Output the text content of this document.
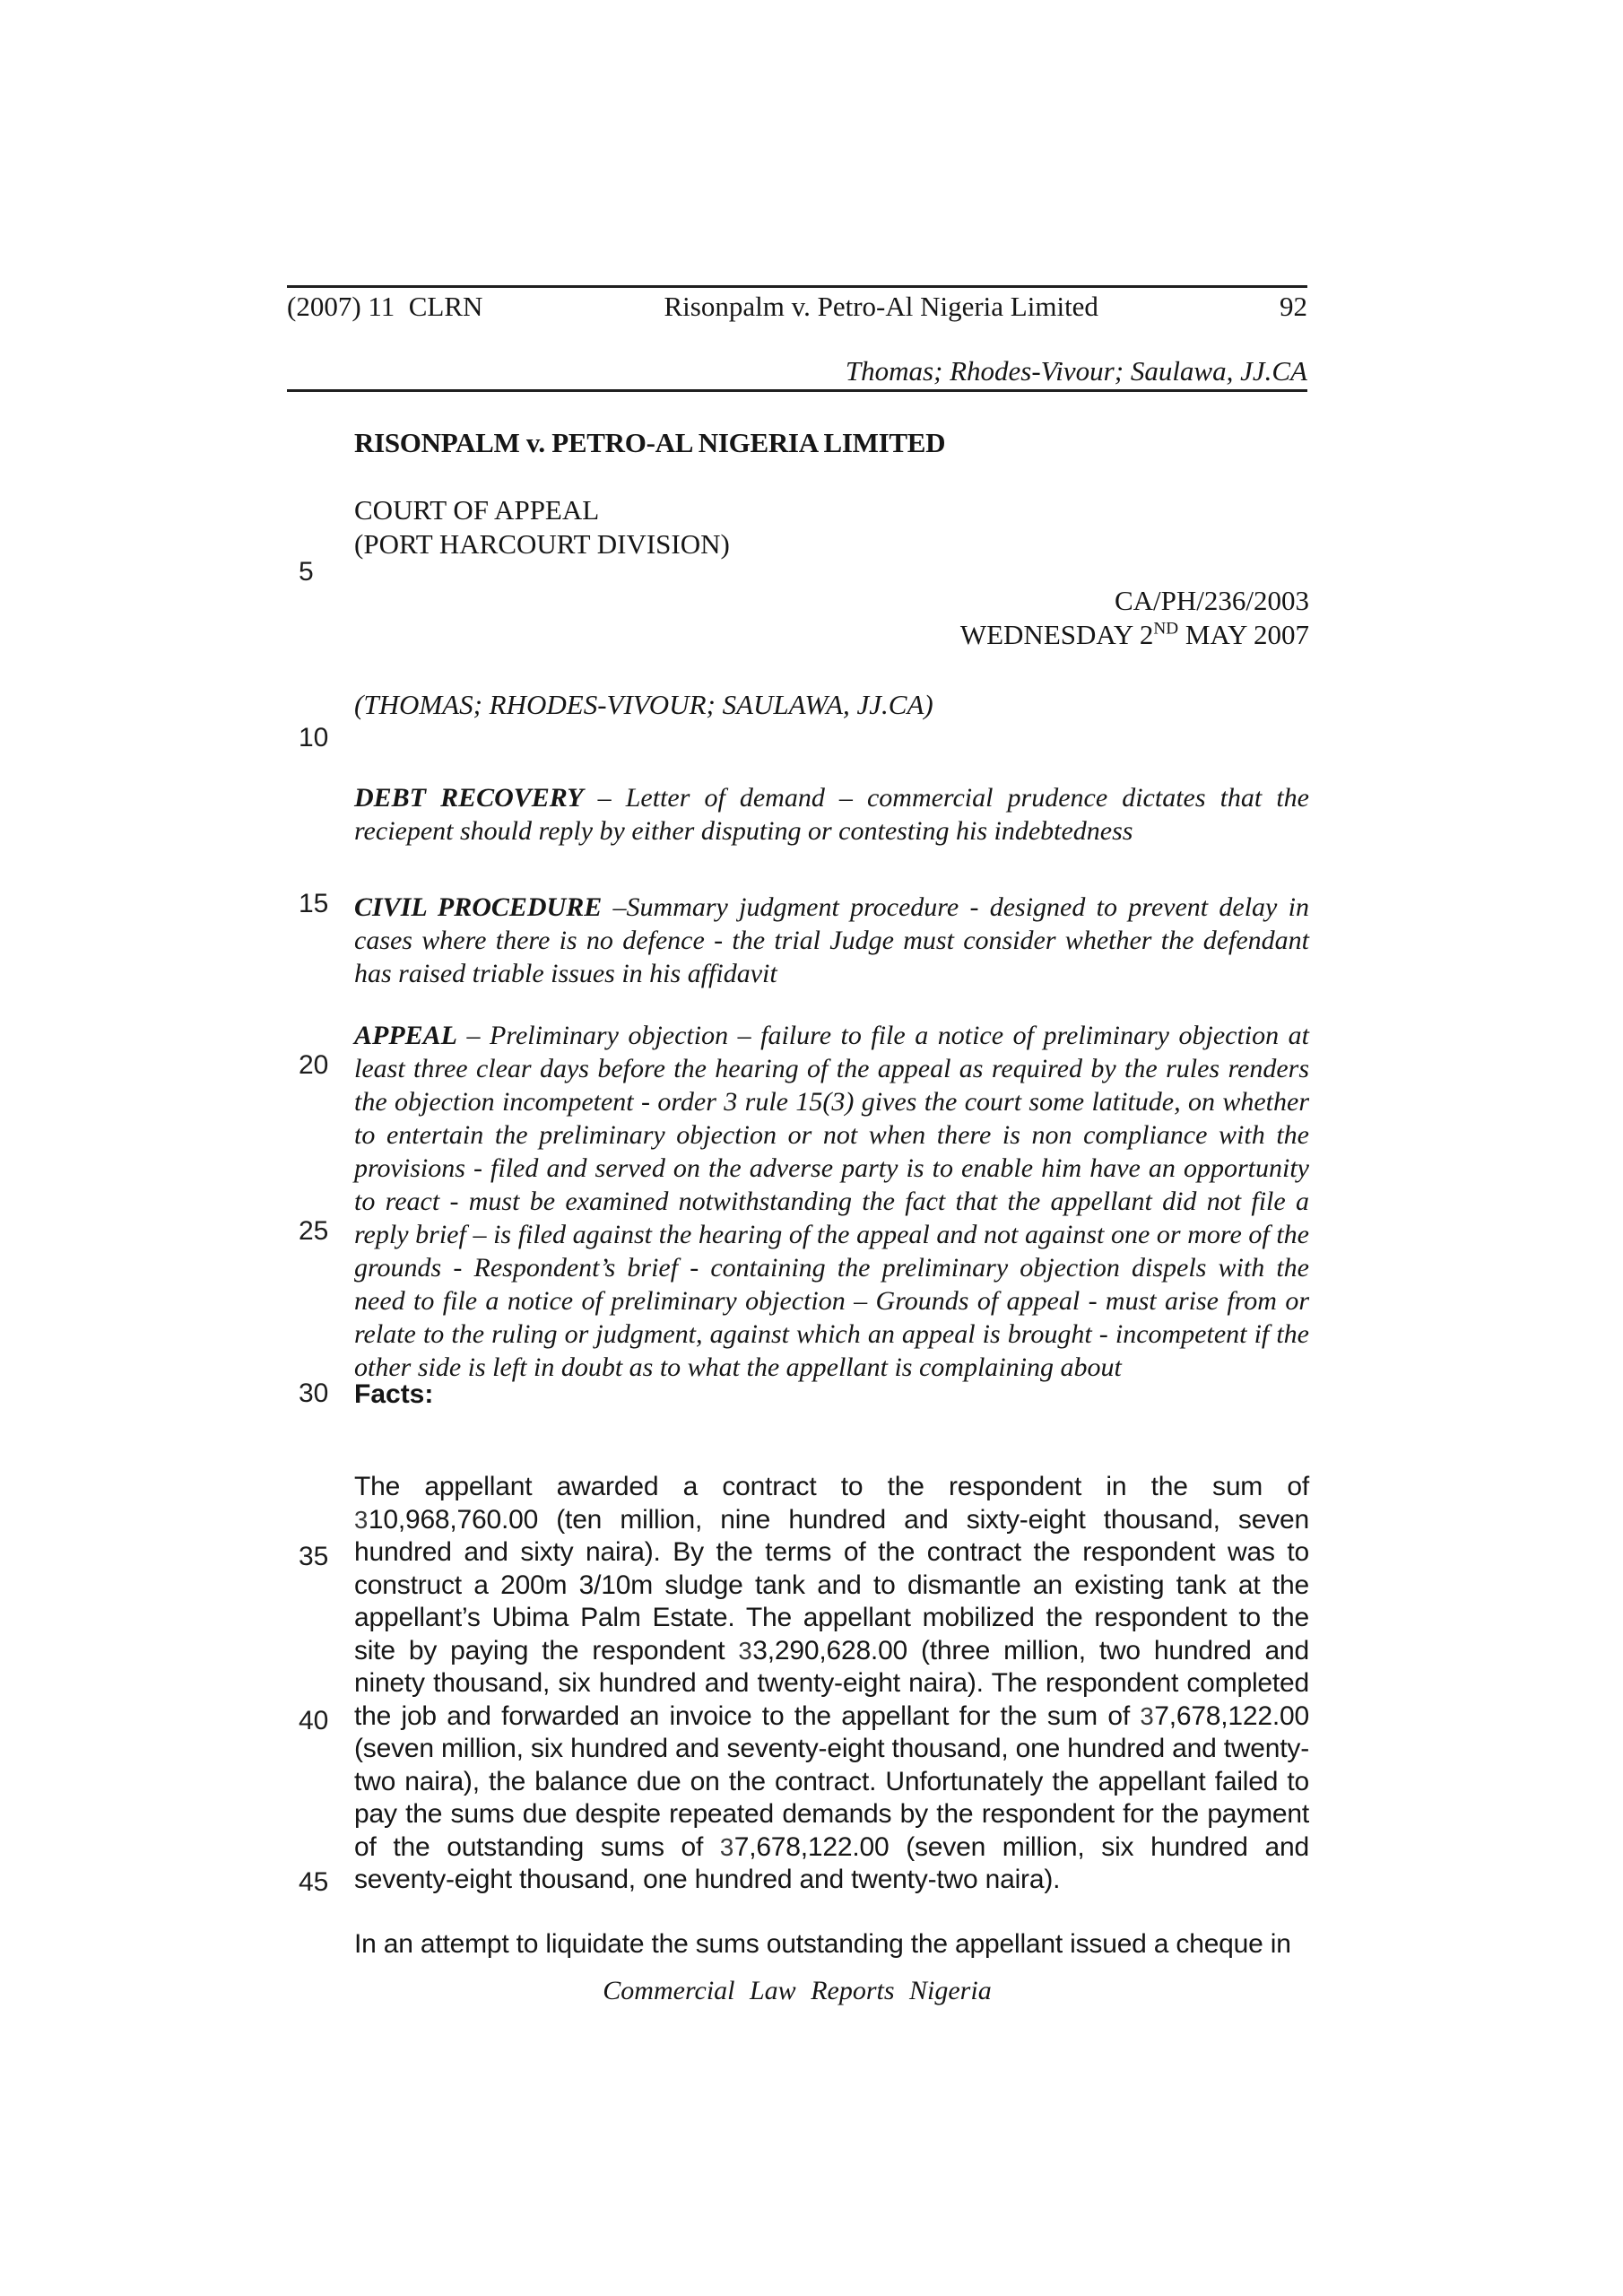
(2007) 11  CLRN	Risonpalm v. Petro-Al Nigeria Limited	92
Thomas; Rhodes-Vivour; Saulawa, JJ.CA
RISONPALM v. PETRO-AL NIGERIA LIMITED
COURT OF APPEAL
(PORT HARCOURT DIVISION)
CA/PH/236/2003
WEDNESDAY 2ND MAY 2007
(THOMAS; RHODES-VIVOUR; SAULAWA, JJ.CA)

DEBT RECOVERY – Letter of demand – commercial prudence dictates that the reciepent should reply by either disputing or contesting his indebtedness

CIVIL PROCEDURE –Summary judgment procedure - designed to prevent delay in cases where there is no defence - the trial Judge must consider whether the defendant has raised triable issues in his affidavit

APPEAL – Preliminary objection – failure to file a notice of preliminary objection at least three clear days before the hearing of the appeal as required by the rules renders the objection incompetent - order 3 rule 15(3) gives the court some latitude, on whether to entertain the preliminary objection or not when there is non compliance with the provisions - filed and served on the adverse party is to enable him have an opportunity to react - must be examined notwithstanding the fact that the appellant did not file a reply brief – is filed against the hearing of the appeal and not against one or more of the grounds - Respondent’s brief - containing the preliminary objection dispels with the need to file a notice of preliminary objection – Grounds of appeal - must arise from or relate to the ruling or judgment, against which an appeal is brought - incompetent if the other side is left in doubt as to what the appellant is complaining about

Facts:

The appellant awarded a contract to the respondent in the sum of 310,968,760.00 (ten million, nine hundred and sixty-eight thousand, seven hundred and sixty naira). By the terms of the contract the respondent was to construct a 200m 3/10m sludge tank and to dismantle an existing tank at the appellant’s Ubima Palm Estate. The appellant mobilized the respondent to the site by paying the respondent 33,290,628.00 (three million, two hundred and ninety thousand, six hundred and twenty-eight naira). The respondent completed the job and forwarded an invoice to the appellant for the sum of 37,678,122.00 (seven million, six hundred and seventy-eight thousand, one hundred and twenty-two naira), the balance due on the contract. Unfortunately the appellant failed to pay the sums due despite repeated demands by the respondent for the payment of the outstanding sums of 37,678,122.00 (seven million, six hundred and seventy-eight thousand, one hundred and twenty-two naira).

In an attempt to liquidate the sums outstanding the appellant issued a cheque in

Commercial Law Reports Nigeria
5
10
15
20
25
30
35
40
45
